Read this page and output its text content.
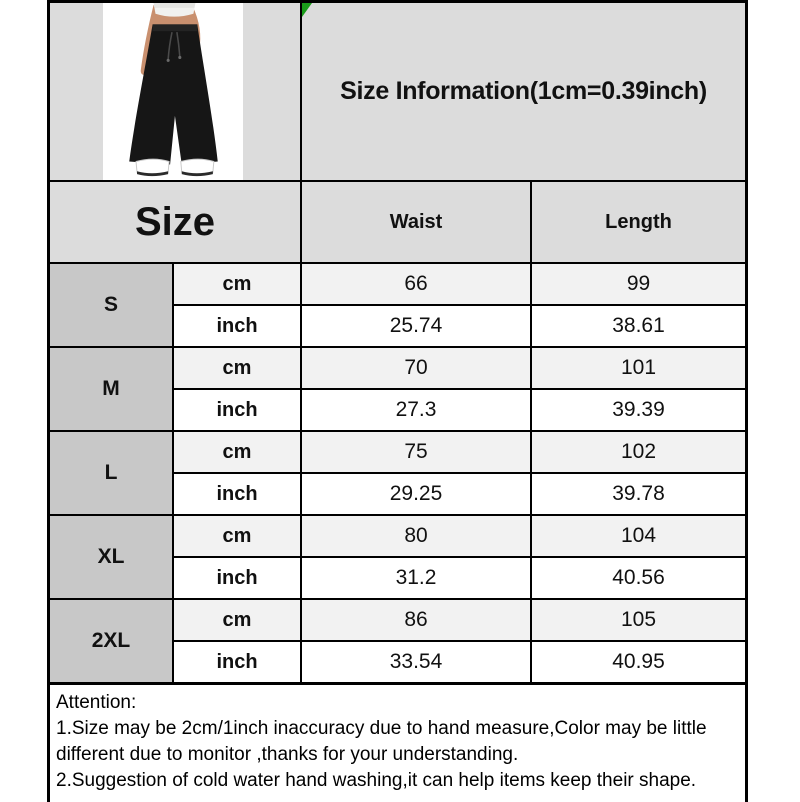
Size Information(1cm=0.39inch)
Size	Waist	Length
S
cm	66	99
inch	25.74	38.61
M
cm	70	101
inch	27.3	39.39
L
cm	75	102
inch	29.25	39.78
XL
cm	80	104
inch	31.2	40.56
2XL
cm	86	105
inch	33.54	40.95
Attention:
1.Size may be 2cm/1inch inaccuracy due to hand measure,Color may be little
different due to monitor ,thanks for your understanding.
2.Suggestion of cold water hand washing,it can help items keep their shape.
